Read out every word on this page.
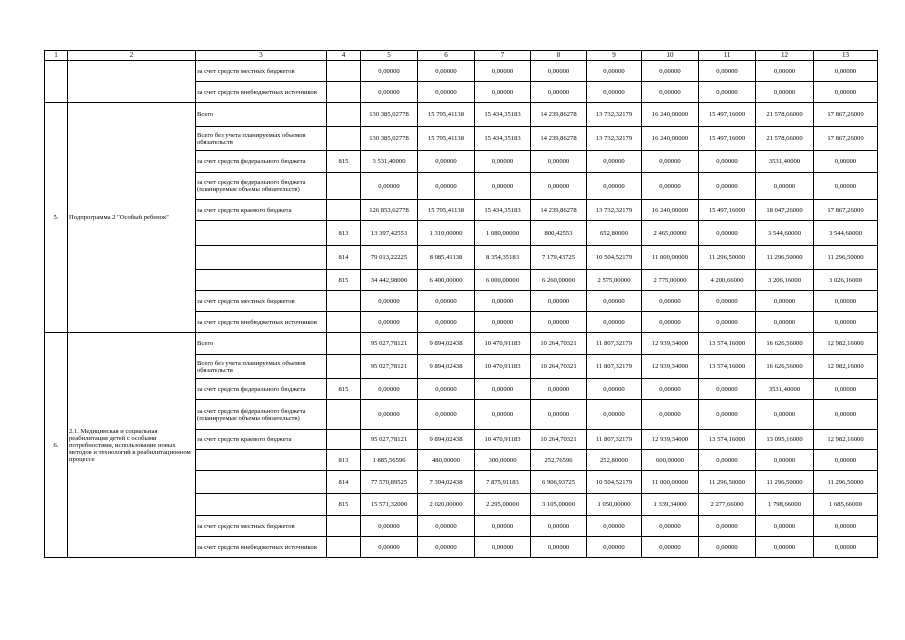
1	2	3	4	5	6	7	8	9	10	11	12	13
		за счет средств местных бюджетов		0,00000	0,00000	0,00000	0,00000	0,00000	0,00000	0,00000	0,00000	0,00000
		за счет средств внебюджетных источников		0,00000	0,00000	0,00000	0,00000	0,00000	0,00000	0,00000	0,00000	0,00000
5.	Подпрограмма 2 "Особый ребенок"	Всего		130 385,02778	15 795,41138	15 434,35183	14 239,86278	13 732,32179	16 240,00000	15 497,16000	21 578,66000	17 867,26000
		Всего без учета планируемых объемов обязательств		130 385,02778	15 795,41138	15 434,35183	14 239,86278	13 732,32179	16 240,00000	15 497,16000	21 578,66000	17 867,26000
		за счет средств федерального бюджета	815	3 531,40000	0,00000	0,00000	0,00000	0,00000	0,00000	0,00000	3531,40000	0,00000
		за счет средств федерального бюджета (планируемые объемы обязательств)		0,00000	0,00000	0,00000	0,00000	0,00000	0,00000	0,00000	0,00000	0,00000
		за счет средств краевого бюджета		126 853,62778	15 795,41138	15 434,35183	14 239,86278	13 732,32179	16 240,00000	15 497,16000	18 047,26000	17 867,26000
			813	13 397,42553	1 310,00000	1 080,00000	800,42553	652,80000	2 465,00000	0,00000	3 544,60000	3 544,60000
			814	79 013,22225	8 085,41138	8 354,35183	7 179,43725	10 504,52179	11 000,00000	11 296,50000	11 296,50000	11 296,50000
			815	34 442,98000	6 400,00000	6 000,00000	6 260,00000	2 575,00000	2 775,00000	4 200,66000	3 206,16000	3 026,16000
		за счет средств местных бюджетов		0,00000	0,00000	0,00000	0,00000	0,00000	0,00000	0,00000	0,00000	0,00000
		за счет средств внебюджетных источников		0,00000	0,00000	0,00000	0,00000	0,00000	0,00000	0,00000	0,00000	0,00000
6.	2.1. Медицинская и социальная реабилитация детей с особыми потребностями, использование новых методов и технологий в реабилитационном процессе	Всего		95 027,78121	9 894,02438	10 470,91183	10 264,70321	11 807,32179	12 939,34000	13 574,16000	16 626,56000	12 982,16000
		Всего без учета планируемых объемов обязательств		95 027,78121	9 894,02438	10 470,91183	10 264,70321	11 807,32179	12 939,34000	13 574,16000	16 626,56000	12 982,16000
		за счет средств федерального бюджета	815	0,00000	0,00000	0,00000	0,00000	0,00000	0,00000	0,00000	3531,40000	0,00000
		за счет средств федерального бюджета (планируемые объемы обязательств)		0,00000	0,00000	0,00000	0,00000	0,00000	0,00000	0,00000	0,00000	0,00000
		за счет средств краевого бюджета		95 027,78121	9 894,02438	10 470,91183	10 264,70321	11 807,32179	12 939,34000	13 574,16000	13 095,16000	12 982,16000
			813	1 885,56596	480,00000	300,00000	252,76596	252,80000	600,00000	0,00000	0,00000	0,00000
			814	77 570,89525	7 394,02438	7 875,91183	6 906,93725	10 504,52179	11 000,00000	11 296,50000	11 296,50000	11 296,50000
			815	15 571,32000	2 020,00000	2 295,00000	3 105,00000	1 050,00000	1 339,34000	2 277,66000	1 798,66000	1 685,66000
		за счет средств местных бюджетов		0,00000	0,00000	0,00000	0,00000	0,00000	0,00000	0,00000	0,00000	0,00000
		за счет средств внебюджетных источников		0,00000	0,00000	0,00000	0,00000	0,00000	0,00000	0,00000	0,00000	0,00000
